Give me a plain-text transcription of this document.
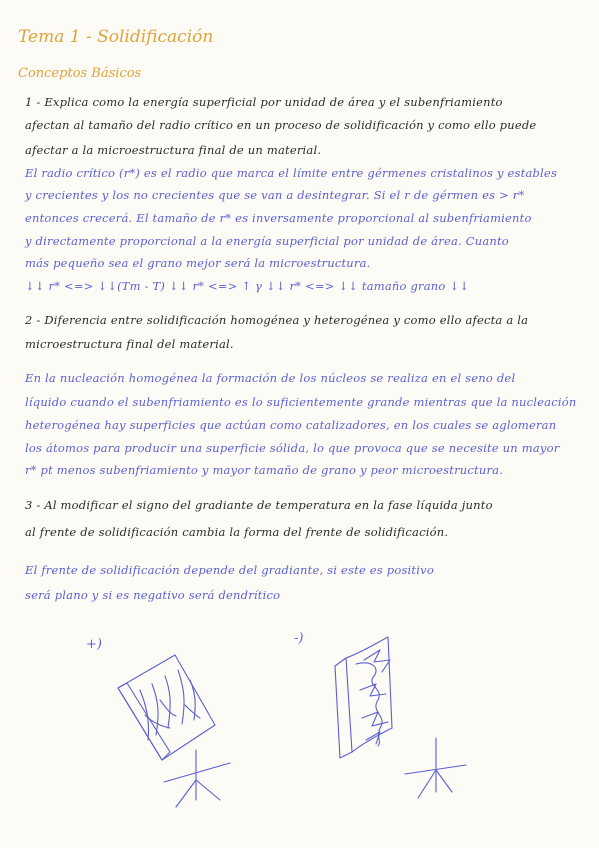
Tema 1 - Solidificación
Conceptos Básicos
1 - Explica como la energía superficial por unidad de área y el subenfriamiento
afectan al tamaño del radio crítico en un proceso de solidificación y como ello puede
afectar a la microestructura final de un material.
El radio crítico (r*) es el radio que marca el límite entre gérmenes cristalinos y estables
y crecientes y los no crecientes que se van a desintegrar. Si el r de gérmen es > r*
entonces crecerá. El tamaño de r* es inversamente proporcional al subenfriamiento
y directamente proporcional a la energía superficial por unidad de área. Cuanto
más pequeño sea el grano mejor será la microestructura.
↓↓ r* <=> ↓↓(Tm - T) ↓↓ r* <=> ↑ γ ↓↓ r* <=> ↓↓ tamaño grano ↓↓
2 - Diferencia entre solidificación homogénea y heterogénea y como ello afecta a la
microestructura final del material.
En la nucleación homogénea la formación de los núcleos se realiza en el seno del
líquido cuando el subenfriamiento es lo suficientemente grande mientras que la nucleación
heterogénea hay superficies que actúan como catalizadores, en los cuales se aglomeran
los átomos para producir una superficie sólida, lo que provoca que se necesite un mayor
r* pt menos subenfriamiento y mayor tamaño de grano y peor microestructura.
3 - Al modificar el signo del gradiante de temperatura en la fase líquida junto
al frente de solidificación cambia la forma del frente de solidificación.
El frente de solidificación depende del gradiante, si este es positivo
será plano y si es negativo será dendrítico
+)	-)
